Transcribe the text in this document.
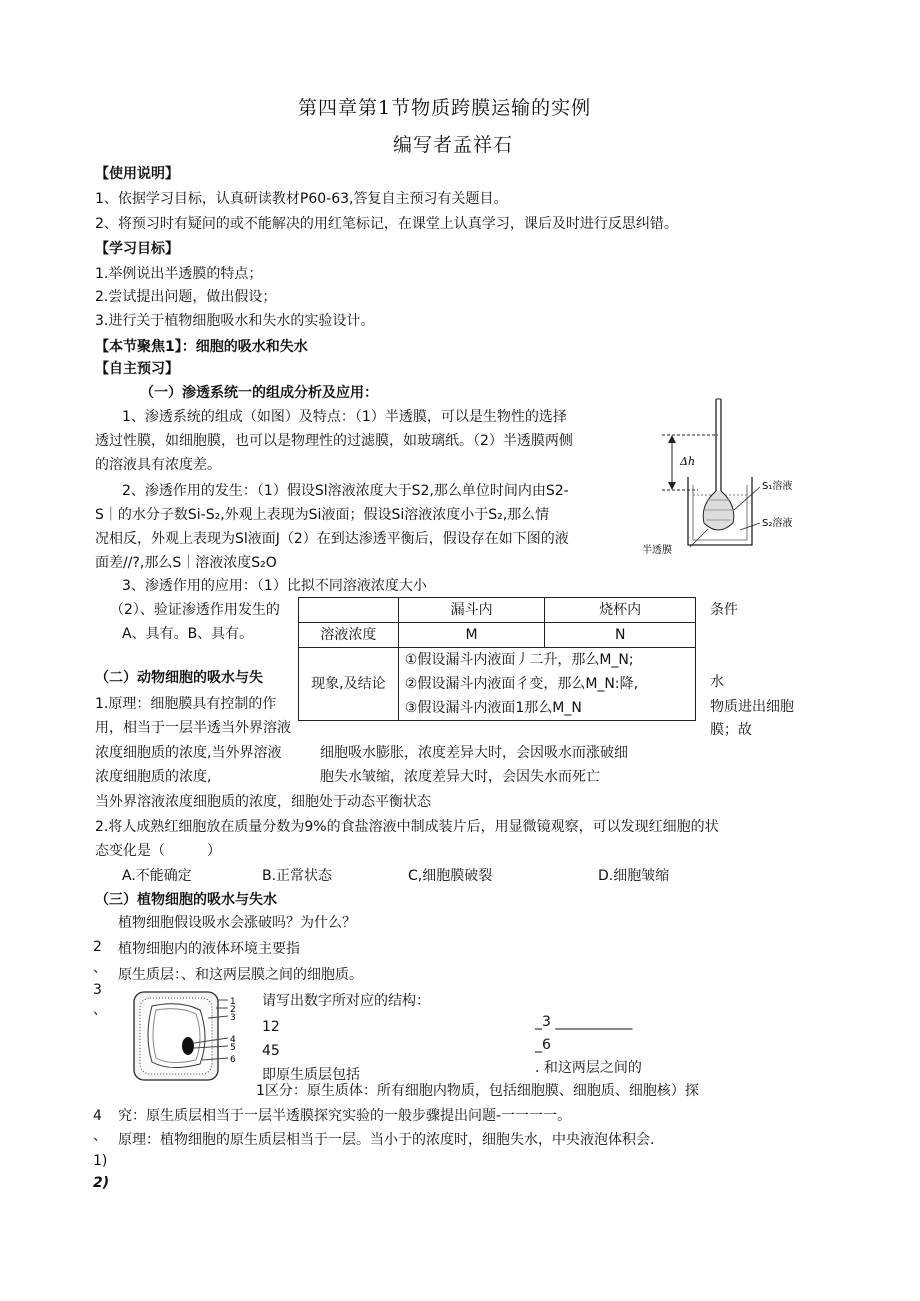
第四章第1节物质跨膜运输的实例
编写者孟祥石
【使用说明】
1、依据学习目标，认真研读教材P60-63,答复自主预习有关题目。
2、将预习时有疑问的或不能解决的用红笔标记，在课堂上认真学习，课后及时进行反思纠错。
【学习目标】
1.举例说出半透膜的特点；
2.尝试提出问题，做出假设；
3.进行关于植物细胞吸水和失水的实验设计。
【本节聚焦1】：细胞的吸水和失水
【自主预习】
（一）渗透系统一的组成分析及应用：
1、渗透系统的组成（如图）及特点：（1）半透膜，可以是生物性的选择
透过性膜，如细胞膜，也可以是物理性的过滤膜，如玻璃纸。（2）半透膜两侧
的溶液具有浓度差。
2、渗透作用的发生：（1）假设Sl溶液浓度大于S2,那么单位时间内由S2-
S｜的水分子数Si-S₂,外观上表现为Si液面；假设Si溶液浓度小于S₂,那么情
况相反，外观上表现为Sl液面J（2）在到达渗透平衡后，假设存在如下图的液
面差//?,那么S｜溶液浓度S₂O
3、渗透作用的应用：（1）比拟不同溶液浓度大小
（2）、验证渗透作用发生的	条件
A、具有。B、具有。
Δh
S₁溶液
S₂溶液
半透膜
	漏斗内	烧杯内
溶液浓度	M	N
现象,及结论	①假设漏斗内液面丿二升，那么M_N;
②假设漏斗内液面彳变，那么M_N:降,
③假设漏斗内液面1那么M_N	
（二）动物细胞的吸水与失	水
1.原理：细胞膜具有控制的作	物质进出细胞
用，相当于一层半透当外界溶液	膜；故
浓度细胞质的浓度,当外界溶液	细胞吸水膨胀，浓度差异大时，会因吸水而涨破细
浓度细胞质的浓度,	胞失水皱缩，浓度差异大时，会因失水而死亡
当外界溶液浓度细胞质的浓度，细胞处于动态平衡状态
2.将人成熟红细胞放在质量分数为9%的食盐溶液中制成装片后，用显微镜观察，可以发现红细胞的状
态变化是（　　　）
A.不能确定	B.正常状态	C,细胞膜破裂	D.细胞皱缩
（三）植物细胞的吸水与失水
植物细胞假设吸水会涨破吗？为什么？
2 植物细胞内的液体环境主要指
、 原生质层：、和这两层膜之间的细胞质。
3
、	1
2
3
4
5
6
请写出数字所对应的结构：
12	_3 ___________
45	_6
即原生质层包括	. 和这两层之间的
1区分：原生质体：所有细胞内物质，包括细胞膜、细胞质、细胞核）探
4 究：原生质层相当于一层半透膜探究实验的一般步骤提出问题-一一一一。
、 原理：植物细胞的原生质层相当于一层。当小于的浓度时，细胞失水，中央液泡体积会.
1)
2)
